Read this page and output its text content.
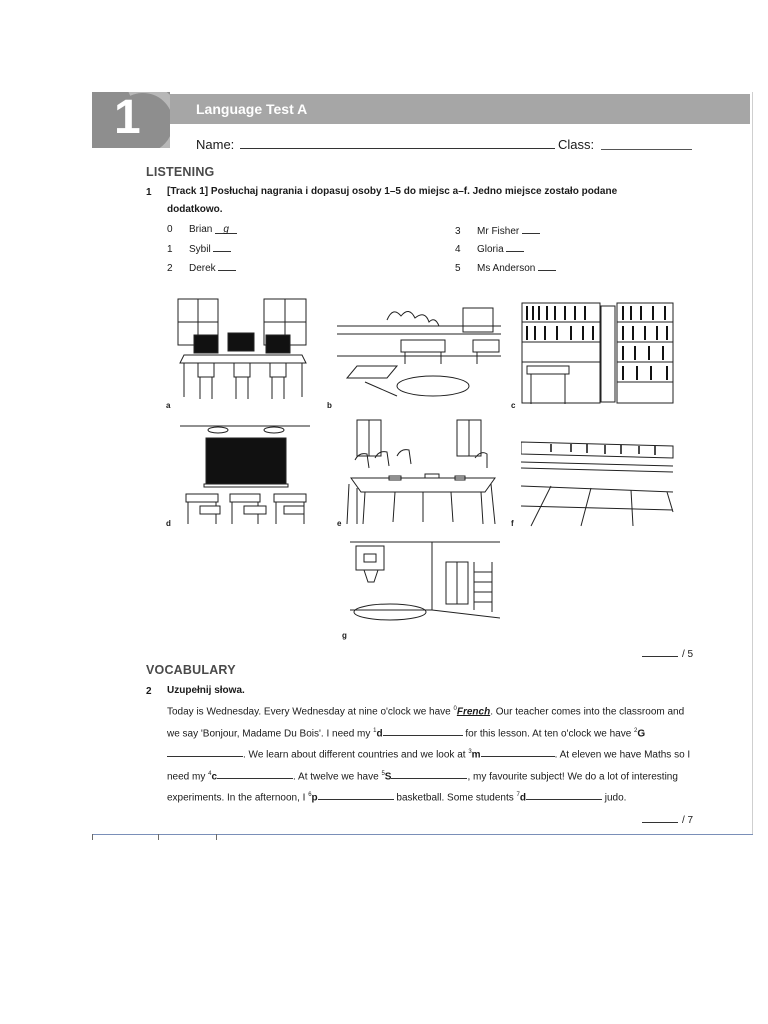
1	Language Test A
Name:	Class:
LISTENING
1 [Track 1] Posłuchaj nagrania i dopasuj osoby 1–5 do miejsc a–f. Jedno miejsce zostało podane
dodatkowo.
0 Brian g
1 Sybil
2 Derek
3 Mr Fisher
4 Gloria
5 Ms Anderson
a	b	c
d	e	f
g
/ 5
VOCABULARY
2 Uzupełnij słowa.
Today is Wednesday. Every Wednesday at nine o'clock we have $^0$French. Our teacher comes into the classroom and we say 'Bonjour, Madame Du Bois'. I need my $^1$d	for this lesson. At ten o'clock we have $^2$G. We learn about different countries and we look at $^3$m	. At eleven we have Maths so I need my $^4$c	. At twelve we have $^5$S	, my favourite subject! We do a lot of interesting experiments. In the afternoon, I $^6$p	basketball. Some students $^7$d	judo.
/ 7
